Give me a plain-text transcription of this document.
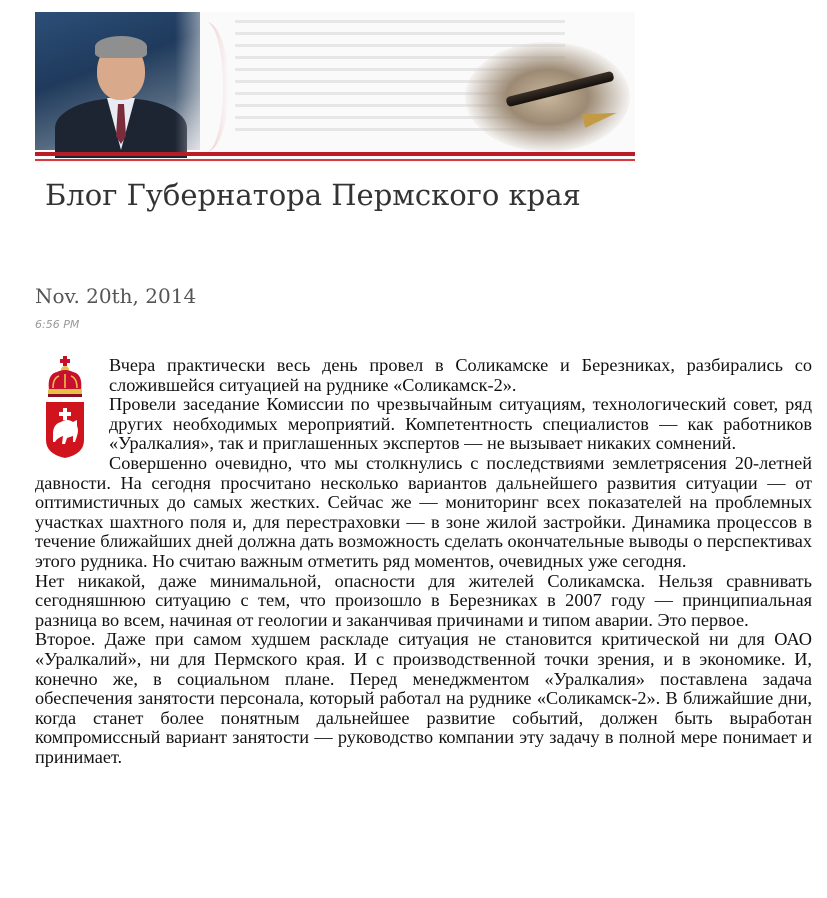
Блог Губернатора Пермского края
Nov. 20th, 2014
6:56 PM

Вчера практически весь день провел в Соликамске и Березниках, разбирались со сложившейся ситуацией на руднике «Соликамск-2».

Провели заседание Комиссии по чрезвычайным ситуациям, технологический совет, ряд других необходимых мероприятий. Компетентность специалистов — как работников «Уралкалия», так и приглашенных экспертов — не вызывает никаких сомнений.

Совершенно очевидно, что мы столкнулись с последствиями землетрясения 20-летней давности. На сегодня просчитано несколько вариантов дальнейшего развития ситуации — от оптимистичных до самых жестких. Сейчас же — мониторинг всех показателей на проблемных участках шахтного поля и, для перестраховки — в зоне жилой застройки. Динамика процессов в течение ближайших дней должна дать возможность сделать окончательные выводы о перспективах этого рудника. Но считаю важным отметить ряд моментов, очевидных уже сегодня.

Нет никакой, даже минимальной, опасности для жителей Соликамска. Нельзя сравнивать сегодняшнюю ситуацию с тем, что произошло в Березниках в 2007 году — принципиальная разница во всем, начиная от геологии и заканчивая причинами и типом аварии. Это первое.

Второе. Даже при самом худшем раскладе ситуация не становится критической ни для ОАО «Уралкалий», ни для Пермского края. И с производственной точки зрения, и в экономике. И, конечно же, в социальном плане. Перед менеджментом «Уралкалия» поставлена задача обеспечения занятости персонала, который работал на руднике «Соликамск-2». В ближайшие дни, когда станет более понятным дальнейшее развитие событий, должен быть выработан компромиссный вариант занятости — руководство компании эту задачу в полной мере понимает и принимает.
